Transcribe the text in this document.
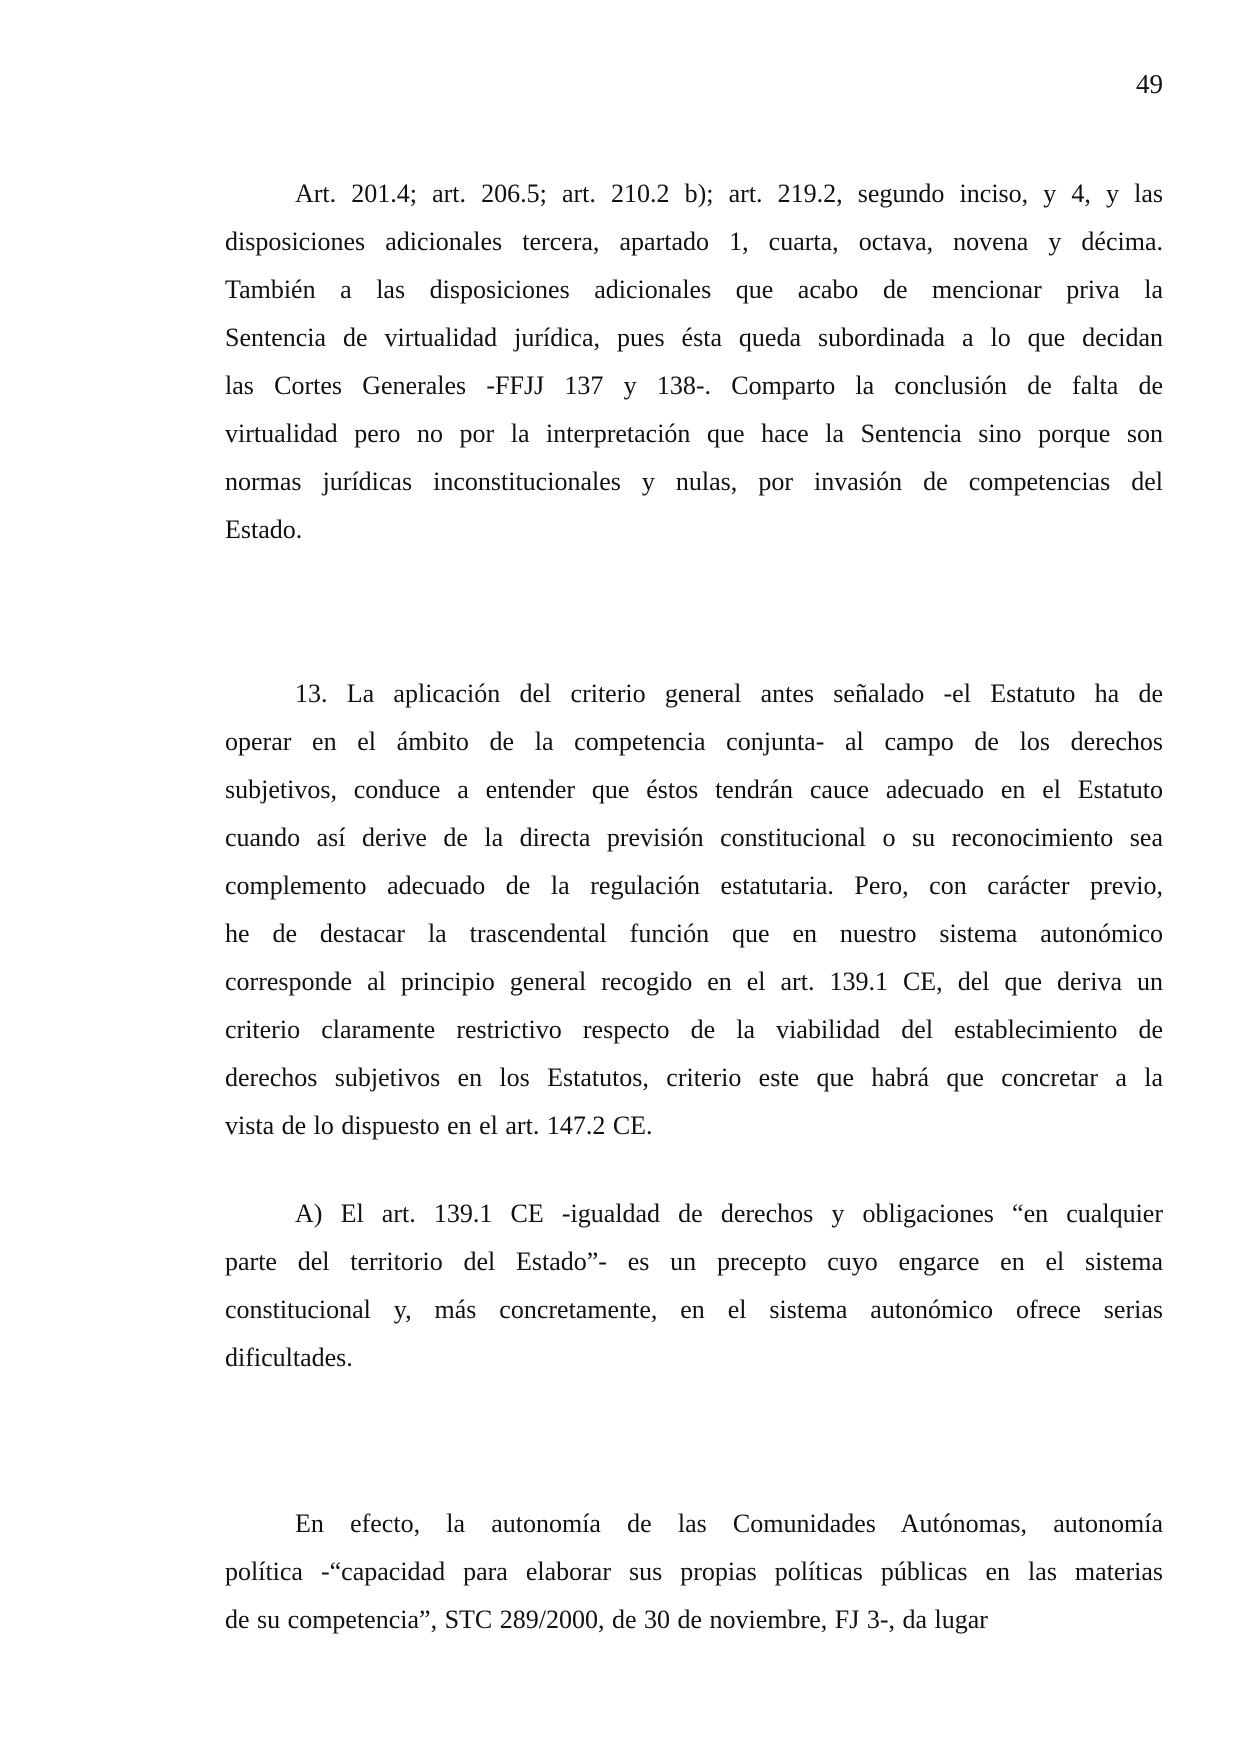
49
Art. 201.4; art. 206.5; art. 210.2 b); art. 219.2, segundo inciso, y 4, y las
disposiciones adicionales tercera, apartado 1, cuarta, octava, novena y décima.
También a las disposiciones adicionales que acabo de mencionar priva la
Sentencia de virtualidad jurídica, pues ésta queda subordinada a lo que decidan
las Cortes Generales -FFJJ 137 y 138-. Comparto la conclusión de falta de
virtualidad pero no por la interpretación que hace la Sentencia sino porque son
normas jurídicas inconstitucionales y nulas, por invasión de competencias del
Estado.
13. La aplicación del criterio general antes señalado -el Estatuto ha de
operar en el ámbito de la competencia conjunta- al campo de los derechos
subjetivos, conduce a entender que éstos tendrán cauce adecuado en el Estatuto
cuando así derive de la directa previsión constitucional o su reconocimiento sea
complemento adecuado de la regulación estatutaria. Pero, con carácter previo,
he de destacar la trascendental función que en nuestro sistema autonómico
corresponde al principio general recogido en el art. 139.1 CE, del que deriva un
criterio claramente restrictivo respecto de la viabilidad del establecimiento de
derechos subjetivos en los Estatutos, criterio este que habrá que concretar a la
vista de lo dispuesto en el art. 147.2 CE.
A) El art. 139.1 CE -igualdad de derechos y obligaciones “en cualquier
parte del territorio del Estado”- es un precepto cuyo engarce en el sistema
constitucional y, más concretamente, en el sistema autonómico ofrece serias
dificultades.
En efecto, la autonomía de las Comunidades Autónomas, autonomía
política -“capacidad para elaborar sus propias políticas públicas en las materias
de su competencia”, STC 289/2000, de 30 de noviembre, FJ 3-, da lugar
